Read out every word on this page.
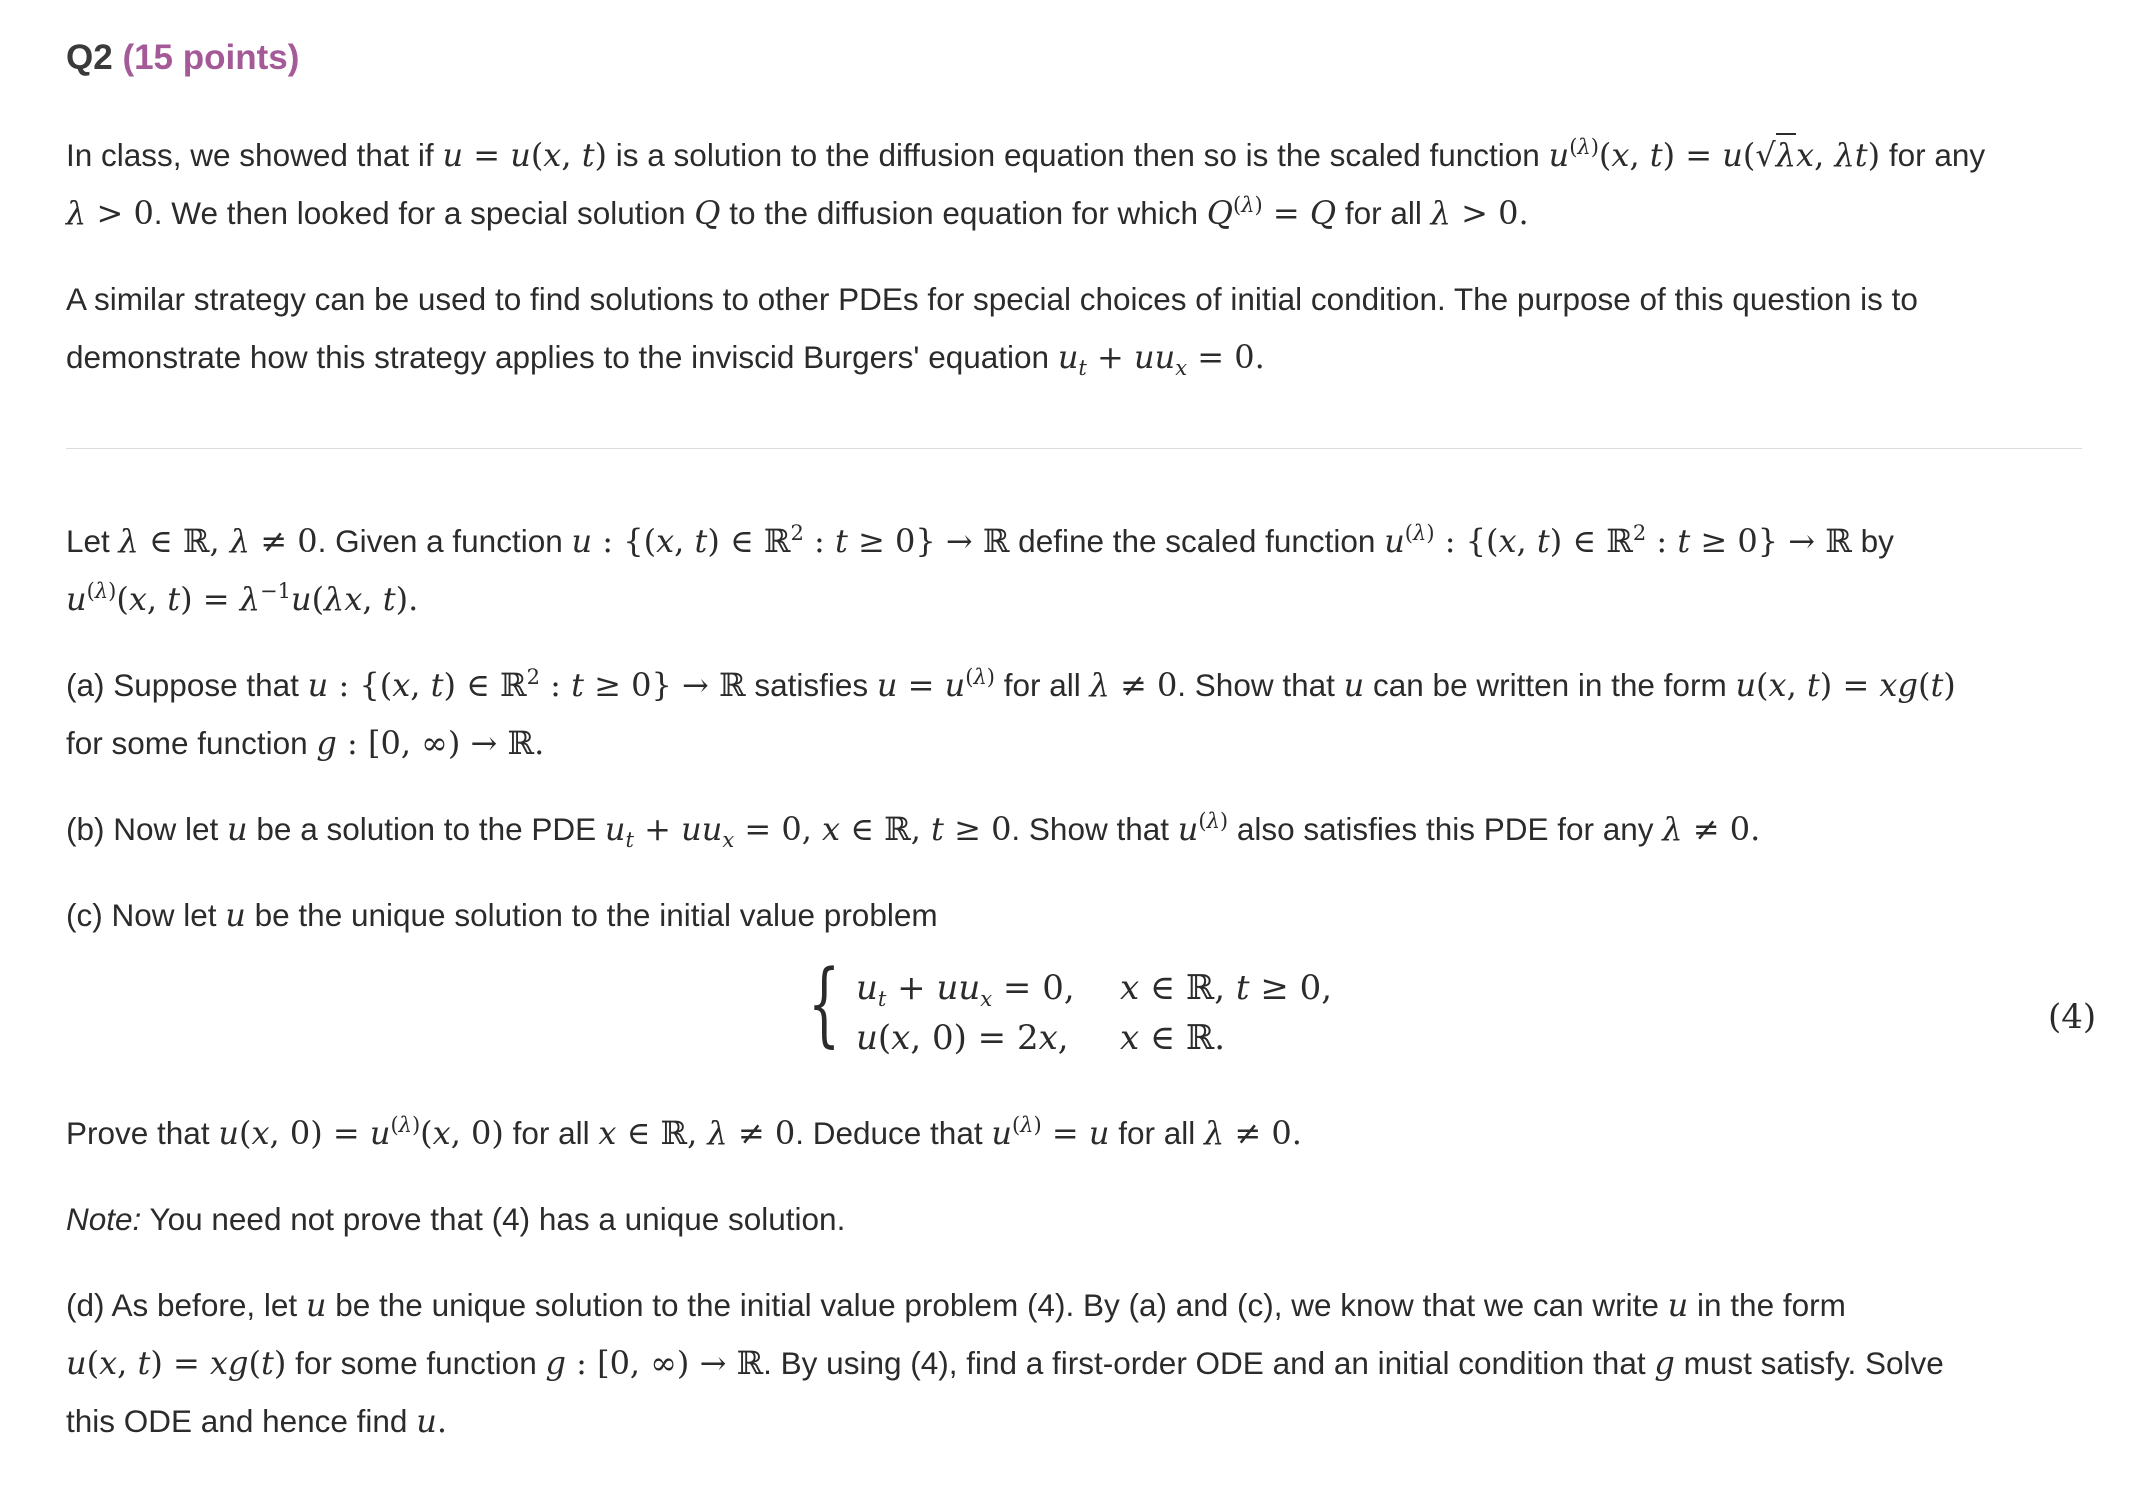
Q2 (15 points)
In class, we showed that if u = u(x, t) is a solution to the diffusion equation then so is the scaled function $u^{(\lambda)}(x$, t) = u(√λx, λt) for any
λ > 0. We then looked for a special solution Q to the diffusion equation for which $Q^{(\lambda)} = Q$ for all λ > 0.
A similar strategy can be used to find solutions to other PDEs for special choices of initial condition. The purpose of this question is to
demonstrate how this strategy applies to the inviscid Burgers' equation $u_t + uu_x = 0$.
Let λ ∈ ℝ, λ ≠ 0. Given a function u : {(x, t) ∈ ℝ$^2$ : t ≥ 0} → ℝ define the scaled function $u^{(\lambda)}$ : {(x, t) ∈ ℝ$^2$ : t ≥ 0} → ℝ by
$u^{(\lambda)}(x$, $t) = \lambda^{-1}u(\lambda x$, t).
(a) Suppose that u : {(x, t) ∈ ℝ$^2$ : t ≥ 0} → ℝ satisfies $u = u^{(\lambda)}$ for all λ ≠ 0. Show that u can be written in the form u(x, t) = xg(t)
for some function g : [0, ∞) → ℝ.
(b) Now let u be a solution to the PDE $u_t + uu_x = 0$, x ∈ ℝ, t ≥ 0. Show that $u^{(\lambda)}$ also satisfies this PDE for any λ ≠ 0.
(c) Now let u be the unique solution to the initial value problem
(4)
Prove that u(x, $0) = u^{(\lambda)}(x$, 0) for all x ∈ ℝ, λ ≠ 0. Deduce that $u^{(\lambda)} = u$ for all λ ≠ 0.
Note: You need not prove that (4) has a unique solution.
(d) As before, let u be the unique solution to the initial value problem (4). By (a) and (c), we know that we can write u in the form
u(x, t) = xg(t) for some function g : [0, ∞) → ℝ. By using (4), find a first-order ODE and an initial condition that g must satisfy. Solve
this ODE and hence find u.
{ $u_t + uu_x = 0$, x ∈ ℝ, t ≥ 0,
u(x, 0) = 2x, x ∈ ℝ.
